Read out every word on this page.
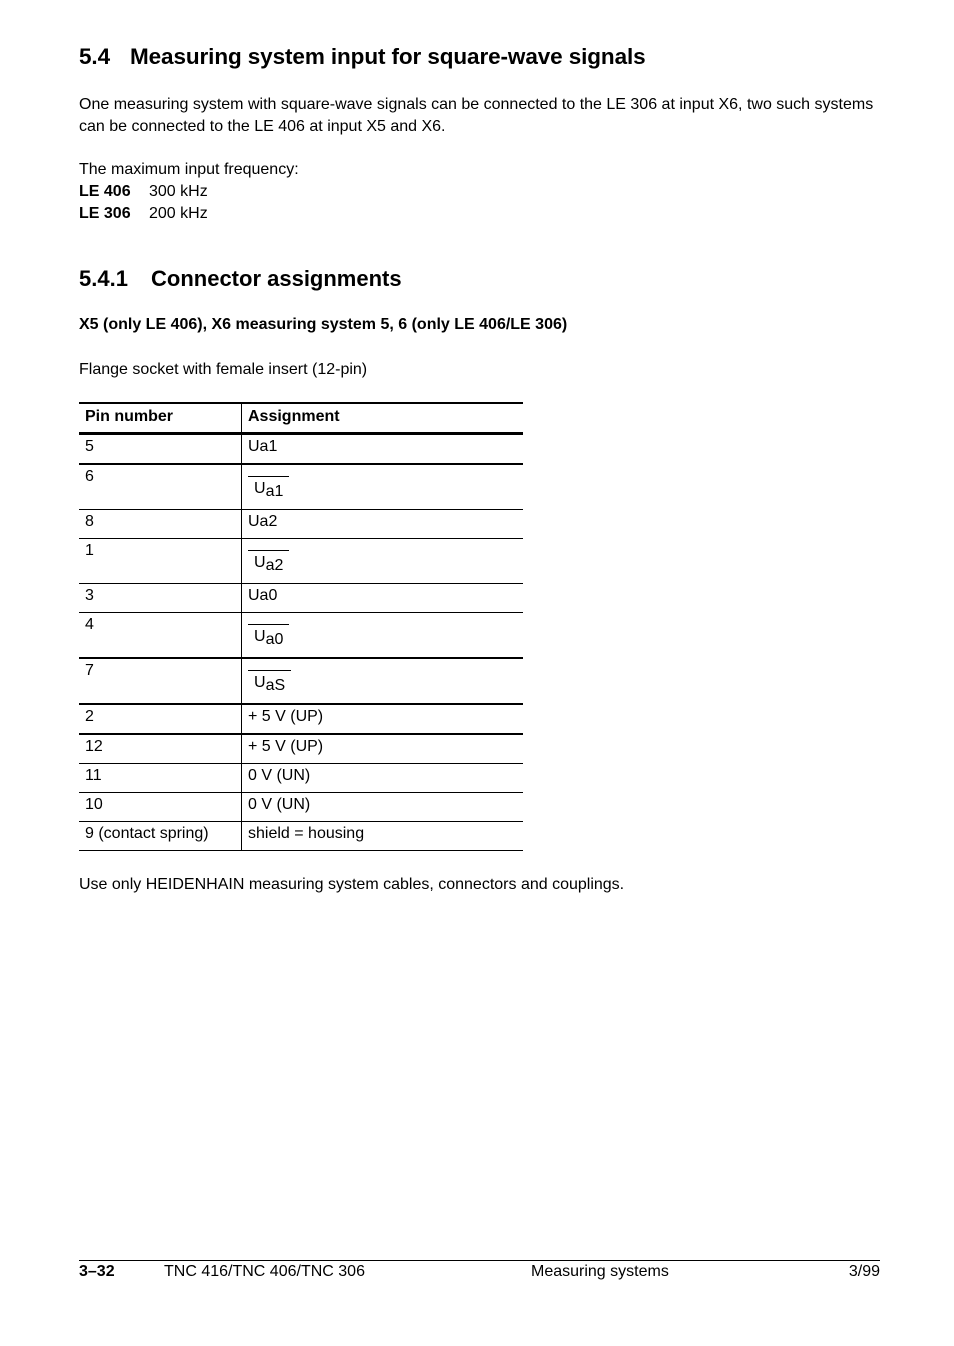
5.4 Measuring system input for square-wave signals

One measuring system with square-wave signals can be connected to the LE 306 at input X6, two such systems can be connected to the LE 406 at input X5 and X6.

The maximum input frequency:

LE 406 300 kHz
LE 306 200 kHz
5.4.1 Connector assignments
X5 (only LE 406), X6 measuring system 5, 6 (only LE 406/LE 306)

Flange socket with female insert (12-pin)

Pin number	Assignment
5	Ua1
6	$U_{a1}$
8	Ua2
1	$U_{a2}$
3	Ua0
4	$U_{a0}$
7	$U_{aS}$
2	+ 5 V (UP)
12	+ 5 V (UP)
11	0 V (UN)
10	0 V (UN)
9 (contact spring)	shield = housing

Use only HEIDENHAIN measuring system cables, connectors and couplings.

3–32	TNC 416/TNC 406/TNC 306	Measuring systems	3/99
